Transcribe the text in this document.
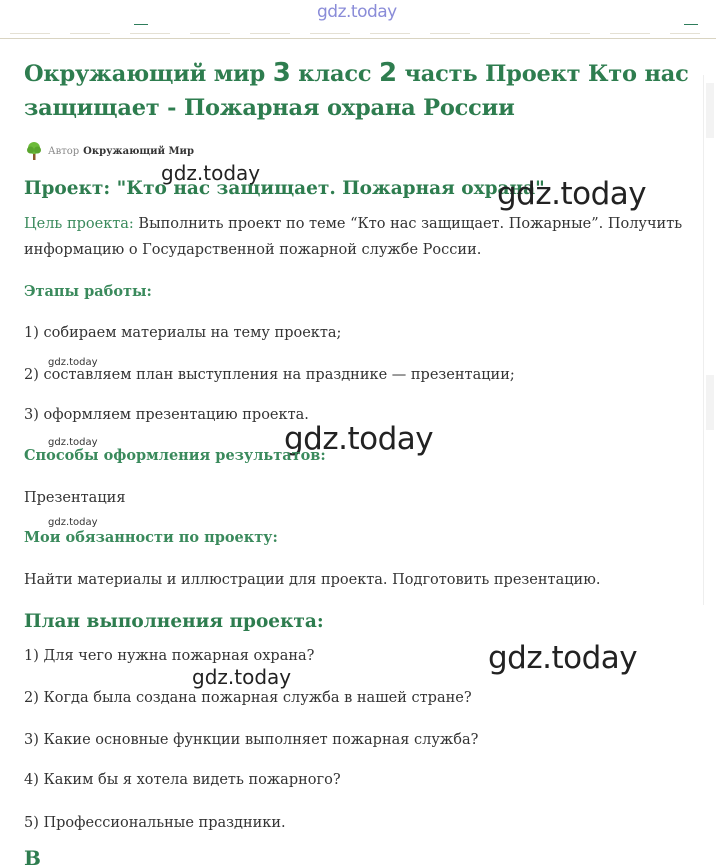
gdz.today
Окружающий мир 3 класс 2 часть Проект Кто нас защищает - Пожарная охрана России
Автор Окружающий Мир
gdz.today
Проект: "Кто нас защищает. Пожарная охрана"
gdz.today

Цель проекта: Выполнить проект по теме “Кто нас защищает. Пожарные”. Получить информацию о Государственной пожарной службе России.

Этапы работы:

1) собираем материалы на тему проекта;

gdz.today

2) составляем план выступления на празднике — презентации;

3) оформляем презентацию проекта.

gdz.today
gdz.today
Способы оформления результатов:

Презентация

gdz.today
Мои обязанности по проекту:

Найти материалы и иллюстрации для проекта. Подготовить презентацию.

План выполнения проекта:

1) Для чего нужна пожарная охрана?	gdz.today
gdz.today

2) Когда была создана пожарная служба в нашей стране?

3) Какие основные функции выполняет пожарная служба?

4) Каким бы я хотела видеть пожарного?

5) Профессиональные праздники.

В
